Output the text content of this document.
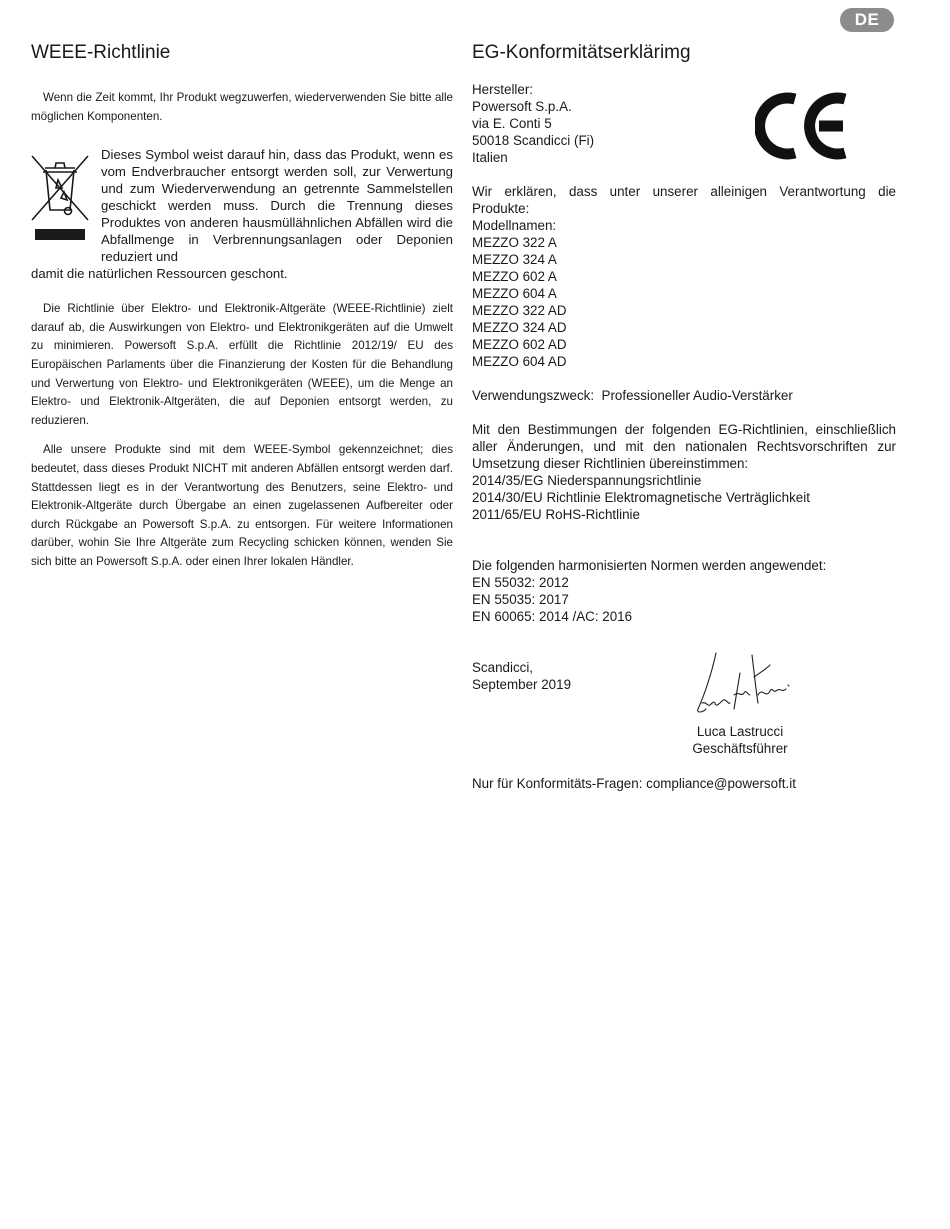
DE
WEEE-Richtlinie

Wenn die Zeit kommt, Ihr Produkt wegzuwerfen, wiederverwenden Sie bitte alle möglichen Komponenten.

Dieses Symbol weist darauf hin, dass das Produkt, wenn es vom Endverbraucher entsorgt werden soll, zur Verwertung und zum Wiederverwendung an getrennte Sammelstellen geschickt werden muss. Durch die Trennung dieses Produktes von anderen hausmüllähnlichen Abfällen wird die Abfallmenge in Verbrennungsanlagen oder Deponien reduziert und

damit die natürlichen Ressourcen geschont.

Die Richtlinie über Elektro- und Elektronik-Altgeräte (WEEE-Richtlinie) zielt darauf ab, die Auswirkungen von Elektro- und Elektronikgeräten auf die Umwelt zu minimieren. Powersoft S.p.A. erfüllt die Richtlinie 2012/19/ EU des Europäischen Parlaments über die Finanzierung der Kosten für die Behandlung und Verwertung von Elektro- und Elektronikgeräten (WEEE), um die Menge an Elektro- und Elektronik-Altgeräten, die auf Deponien entsorgt werden, zu reduzieren.

Alle unsere Produkte sind mit dem WEEE-Symbol gekennzeichnet; dies bedeutet, dass dieses Produkt NICHT mit anderen Abfällen entsorgt werden darf. Stattdessen liegt es in der Verantwortung des Benutzers, seine Elektro- und Elektronik-Altgeräte durch Übergabe an einen zugelassenen Aufbereiter oder durch Rückgabe an Powersoft S.p.A. zu entsorgen. Für weitere Informationen darüber, wohin Sie Ihre Altgeräte zum Recycling schicken können, wenden Sie sich bitte an Powersoft S.p.A. oder einen Ihrer lokalen Händler.

EG-Konformitätserklärimg
Hersteller:
Powersoft S.p.A.
via E. Conti 5
50018 Scandicci (Fi)
Italien

Wir erklären, dass unter unserer alleinigen Verantwortung die Produkte:

Modellnamen:
MEZZO 322 A
MEZZO 324 A
MEZZO 602 A
MEZZO 604 A
MEZZO 322 AD
MEZZO 324 AD
MEZZO 602 AD
MEZZO 604 AD

Verwendungszweck:  Professioneller Audio-Verstärker

Mit den Bestimmungen der folgenden EG-Richtlinien, einschließlich aller Änderungen, und mit den nationalen Rechtsvorschriften zur Umsetzung dieser Richtlinien übereinstimmen:

2014/35/EG Niederspannungsrichtlinie
2014/30/EU Richtlinie Elektromagnetische Verträglichkeit
2011/65/EU RoHS-Richtlinie

Die folgenden harmonisierten Normen werden angewendet:

EN 55032: 2012
EN 55035: 2017
EN 60065: 2014 /AC: 2016
Scandicci,
September 2019
Luca Lastrucci
Geschäftsführer

Nur für Konformitäts-Fragen: compliance@powersoft.it
